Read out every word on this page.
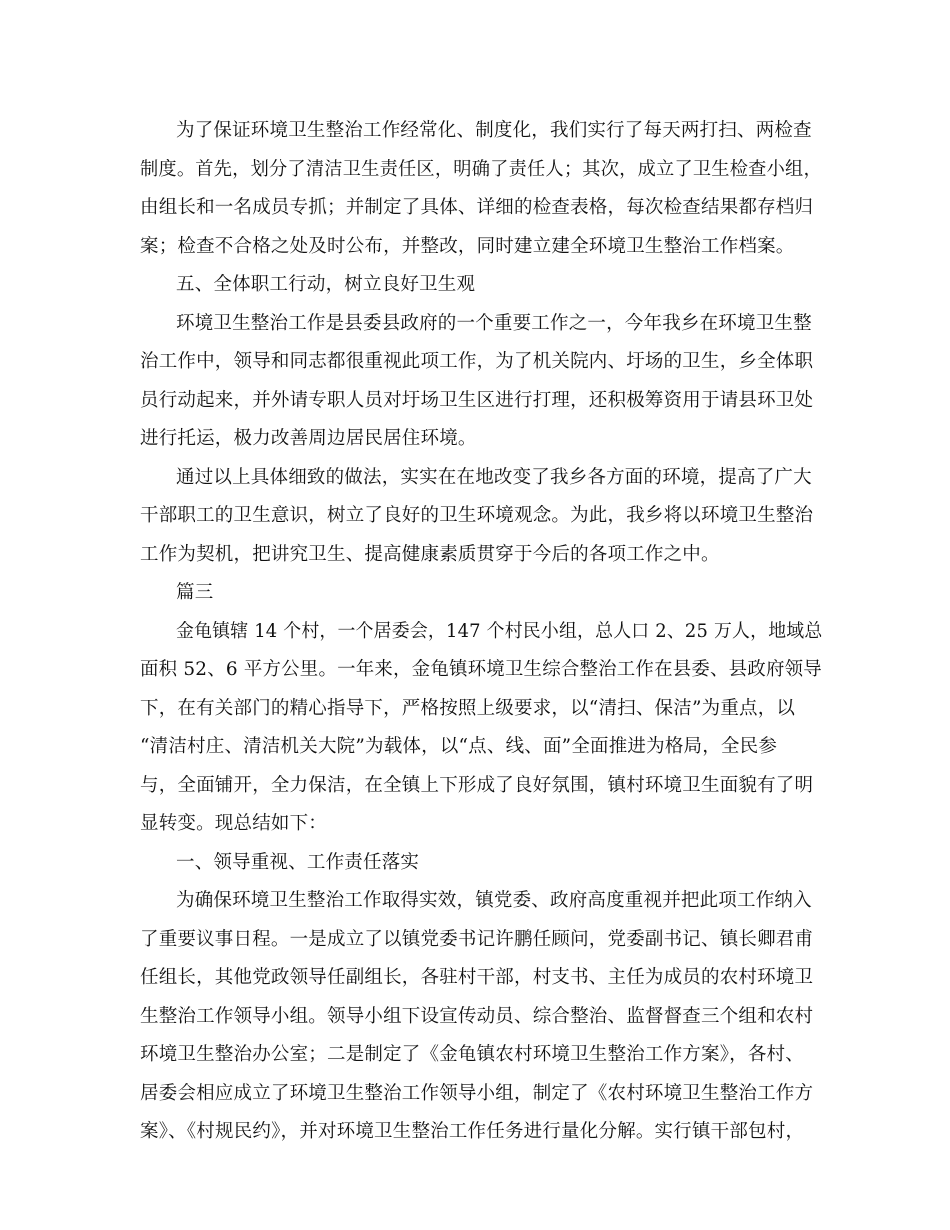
为了保证环境卫生整治工作经常化、制度化，我们实行了每天两打扫、两检查
制度。首先，划分了清洁卫生责任区，明确了责任人；其次，成立了卫生检查小组，
由组长和一名成员专抓；并制定了具体、详细的检查表格，每次检查结果都存档归
案；检查不合格之处及时公布，并整改，同时建立建全环境卫生整治工作档案。
五、全体职工行动，树立良好卫生观
环境卫生整治工作是县委县政府的一个重要工作之一，今年我乡在环境卫生整
治工作中，领导和同志都很重视此项工作，为了机关院内、圩场的卫生，乡全体职
员行动起来，并外请专职人员对圩场卫生区进行打理，还积极筹资用于请县环卫处
进行托运，极力改善周边居民居住环境。
通过以上具体细致的做法，实实在在地改变了我乡各方面的环境，提高了广大
干部职工的卫生意识，树立了良好的卫生环境观念。为此，我乡将以环境卫生整治
工作为契机，把讲究卫生、提高健康素质贯穿于今后的各项工作之中。
篇三
金龟镇辖 14 个村，一个居委会，147 个村民小组，总人口 2、25 万人，地域总
面积 52、6 平方公里。一年来，金龟镇环境卫生综合整治工作在县委、县政府领导
下，在有关部门的精心指导下，严格按照上级要求，以“清扫、保洁”为重点，以
“清洁村庄、清洁机关大院”为载体，以“点、线、面”全面推进为格局，全民参
与，全面铺开，全力保洁，在全镇上下形成了良好氛围，镇村环境卫生面貌有了明
显转变。现总结如下：
一、领导重视、工作责任落实
为确保环境卫生整治工作取得实效，镇党委、政府高度重视并把此项工作纳入
了重要议事日程。一是成立了以镇党委书记许鹏任顾问，党委副书记、镇长卿君甫
任组长，其他党政领导任副组长，各驻村干部，村支书、主任为成员的农村环境卫
生整治工作领导小组。领导小组下设宣传动员、综合整治、监督督查三个组和农村
环境卫生整治办公室；二是制定了《金龟镇农村环境卫生整治工作方案》，各村、
居委会相应成立了环境卫生整治工作领导小组，制定了《农村环境卫生整治工作方
案》、《村规民约》，并对环境卫生整治工作任务进行量化分解。实行镇干部包村，
